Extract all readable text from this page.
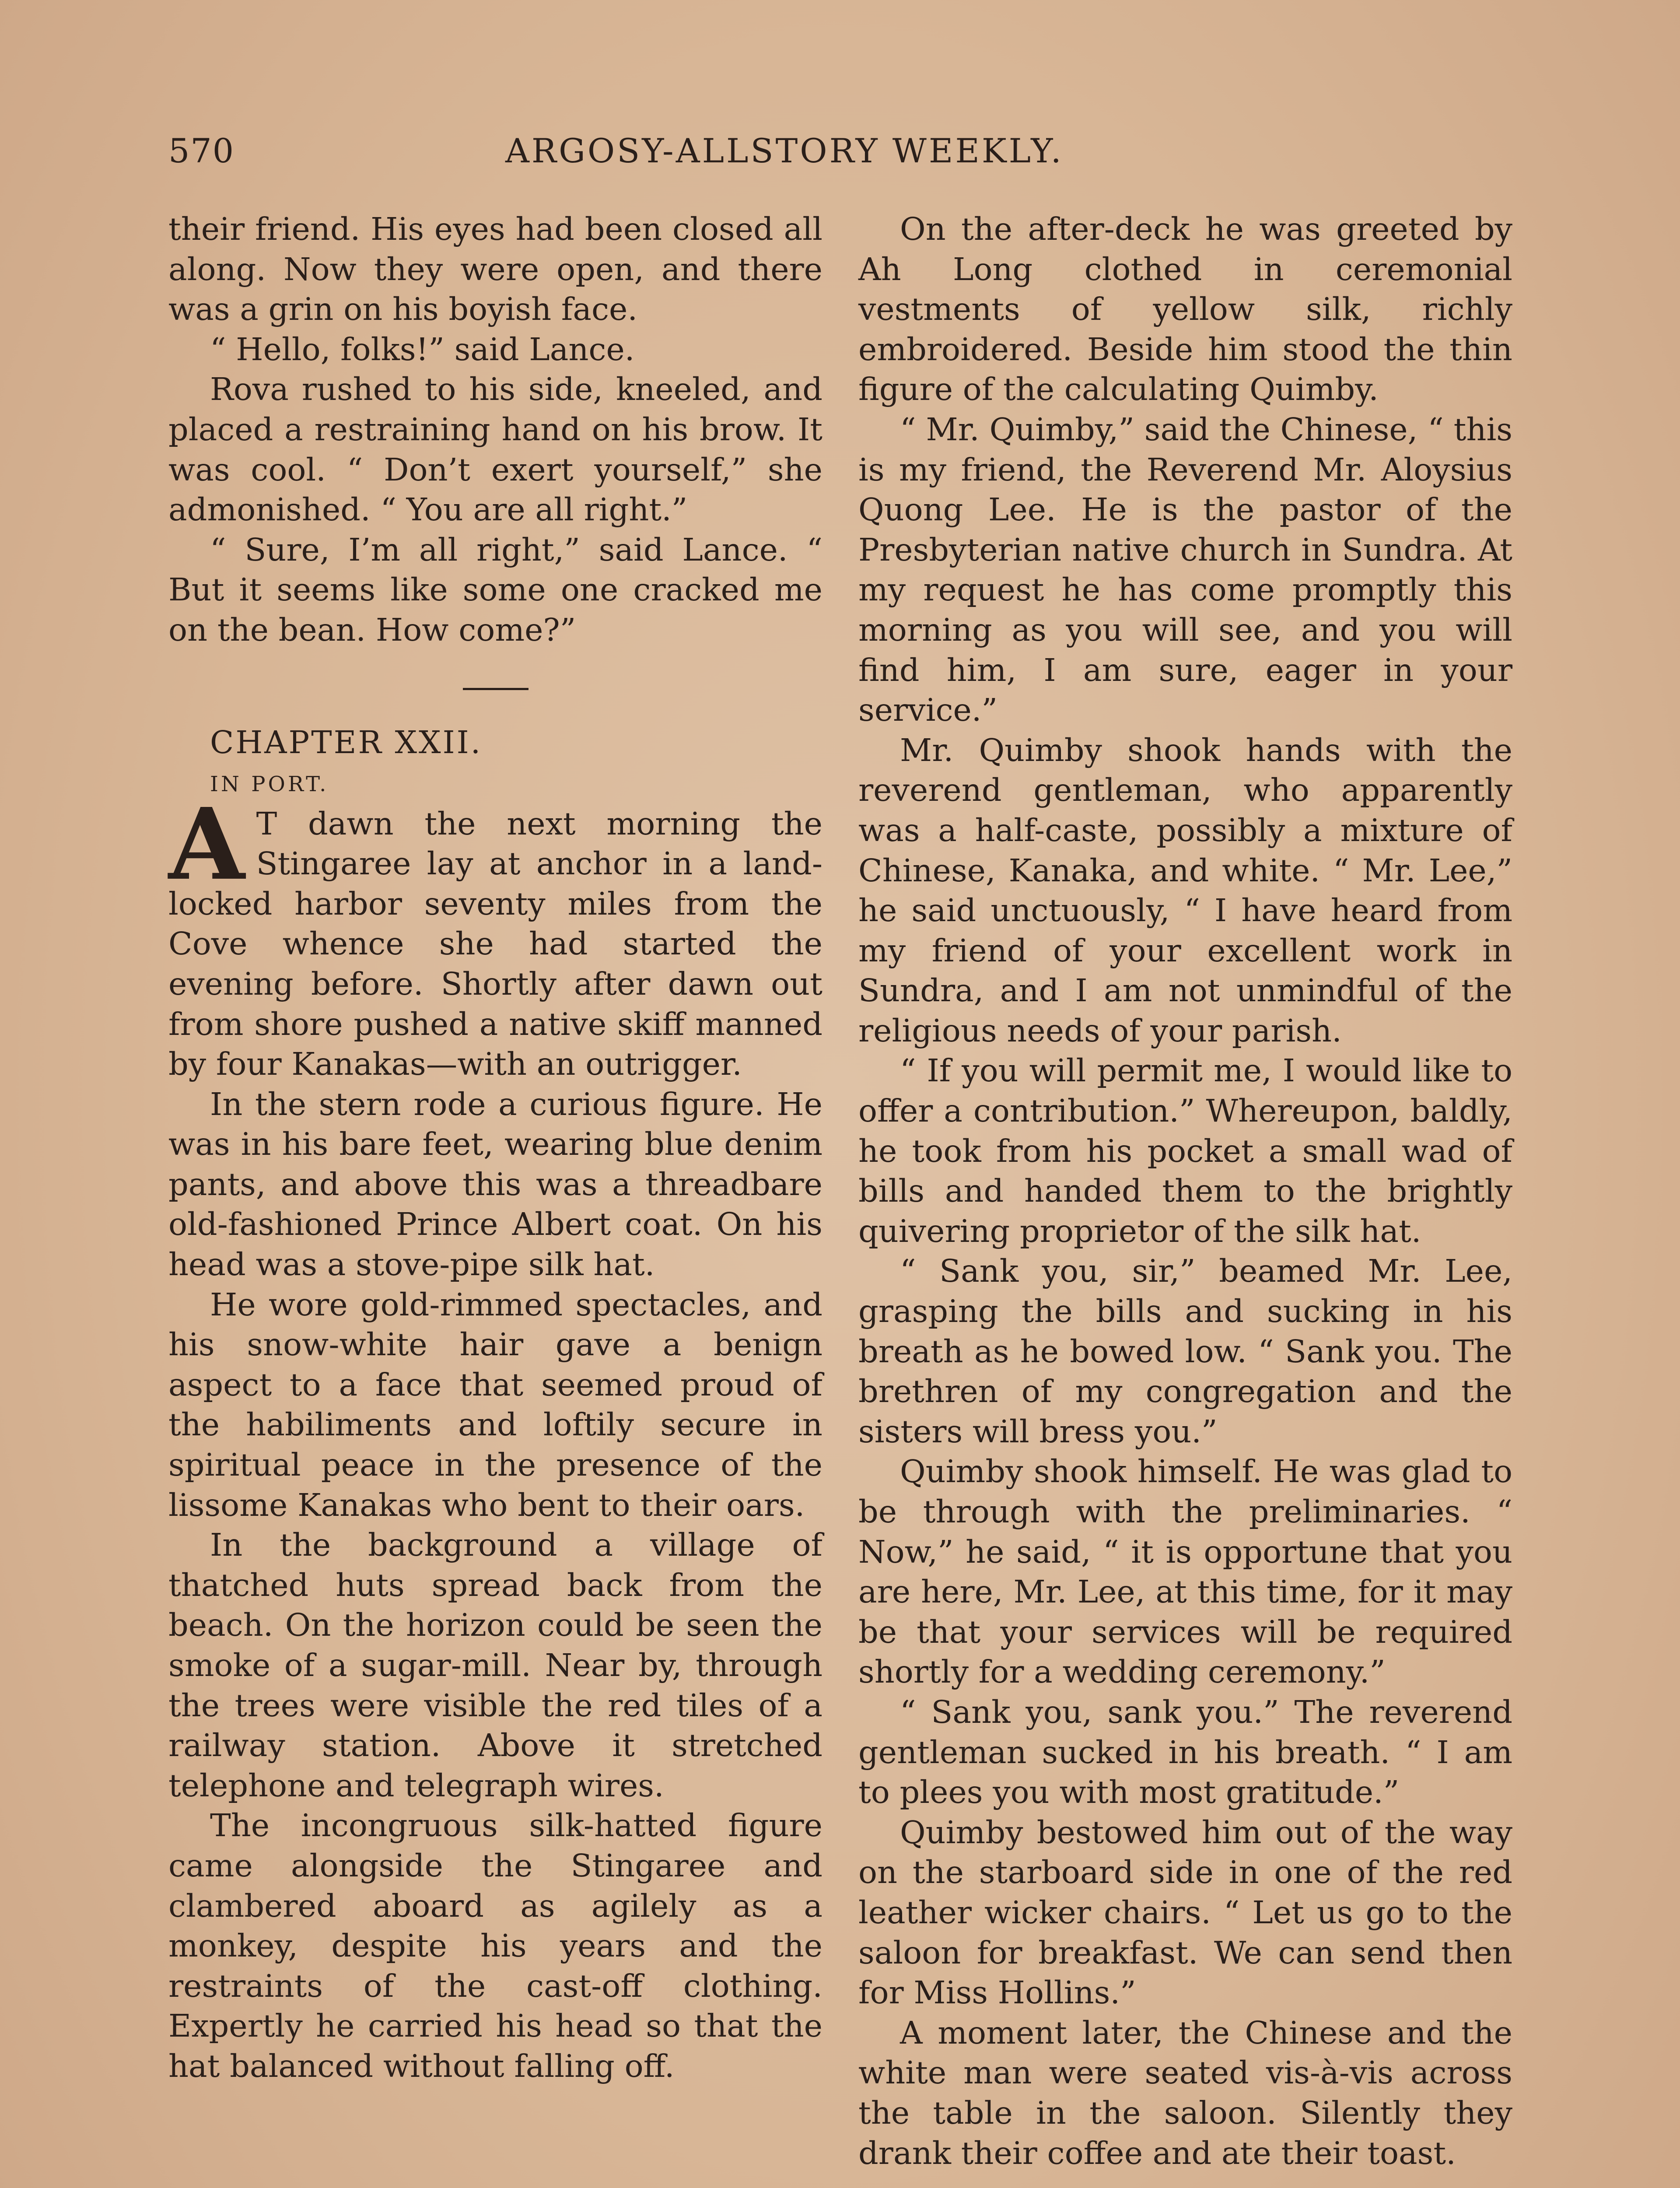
570	ARGOSY-ALLSTORY WEEKLY.

their friend. His eyes had been closed all along. Now they were open, and there was a grin on his boyish face.

“ Hello, folks!” said Lance.

Rova rushed to his side, kneeled, and placed a restraining hand on his brow. It was cool. “ Don’t exert yourself,” she admonished. “ You are all right.”

“ Sure, I’m all right,” said Lance. “ But it seems like some one cracked me on the bean. How come?”

CHAPTER XXII.

IN PORT.

A T dawn the next morning the Stingaree lay at anchor in a land-locked harbor seventy miles from the Cove whence she had started the evening before. Shortly after dawn out from shore pushed a native skiff manned by four Kanakas—with an outrigger.

In the stern rode a curious figure. He was in his bare feet, wearing blue denim pants, and above this was a threadbare old-fashioned Prince Albert coat. On his head was a stove-pipe silk hat.

He wore gold-rimmed spectacles, and his snow-white hair gave a benign aspect to a face that seemed proud of the habiliments and loftily secure in spiritual peace in the presence of the lissome Kanakas who bent to their oars.

In the background a village of thatched huts spread back from the beach. On the horizon could be seen the smoke of a sugar-mill. Near by, through the trees were visible the red tiles of a railway station. Above it stretched telephone and telegraph wires.

The incongruous silk-hatted figure came alongside the Stingaree and clambered aboard as agilely as a monkey, despite his years and the restraints of the cast-off clothing. Expertly he carried his head so that the hat balanced without falling off.

On the after-deck he was greeted by Ah Long clothed in ceremonial vestments of yellow silk, richly embroidered. Beside him stood the thin figure of the calculating Quimby.

“ Mr. Quimby,” said the Chinese, “ this is my friend, the Reverend Mr. Aloysius Quong Lee. He is the pastor of the Presbyterian native church in Sundra. At my request he has come promptly this morning as you will see, and you will find him, I am sure, eager in your service.”

Mr. Quimby shook hands with the reverend gentleman, who apparently was a half-caste, possibly a mixture of Chinese, Kanaka, and white. “ Mr. Lee,” he said unctuously, “ I have heard from my friend of your excellent work in Sundra, and I am not unmindful of the religious needs of your parish.

“ If you will permit me, I would like to offer a contribution.” Whereupon, baldly, he took from his pocket a small wad of bills and handed them to the brightly quivering proprietor of the silk hat.

“ Sank you, sir,” beamed Mr. Lee, grasping the bills and sucking in his breath as he bowed low. “ Sank you. The brethren of my congregation and the sisters will bress you.”

Quimby shook himself. He was glad to be through with the preliminaries. “ Now,” he said, “ it is opportune that you are here, Mr. Lee, at this time, for it may be that your services will be required shortly for a wedding ceremony.”

“ Sank you, sank you.” The reverend gentleman sucked in his breath. “ I am to plees you with most gratitude.”

Quimby bestowed him out of the way on the starboard side in one of the red leather wicker chairs. “ Let us go to the saloon for breakfast. We can send then for Miss Hollins.”

A moment later, the Chinese and the white man were seated vis-à-vis across the table in the saloon. Silently they drank their coffee and ate their toast.
